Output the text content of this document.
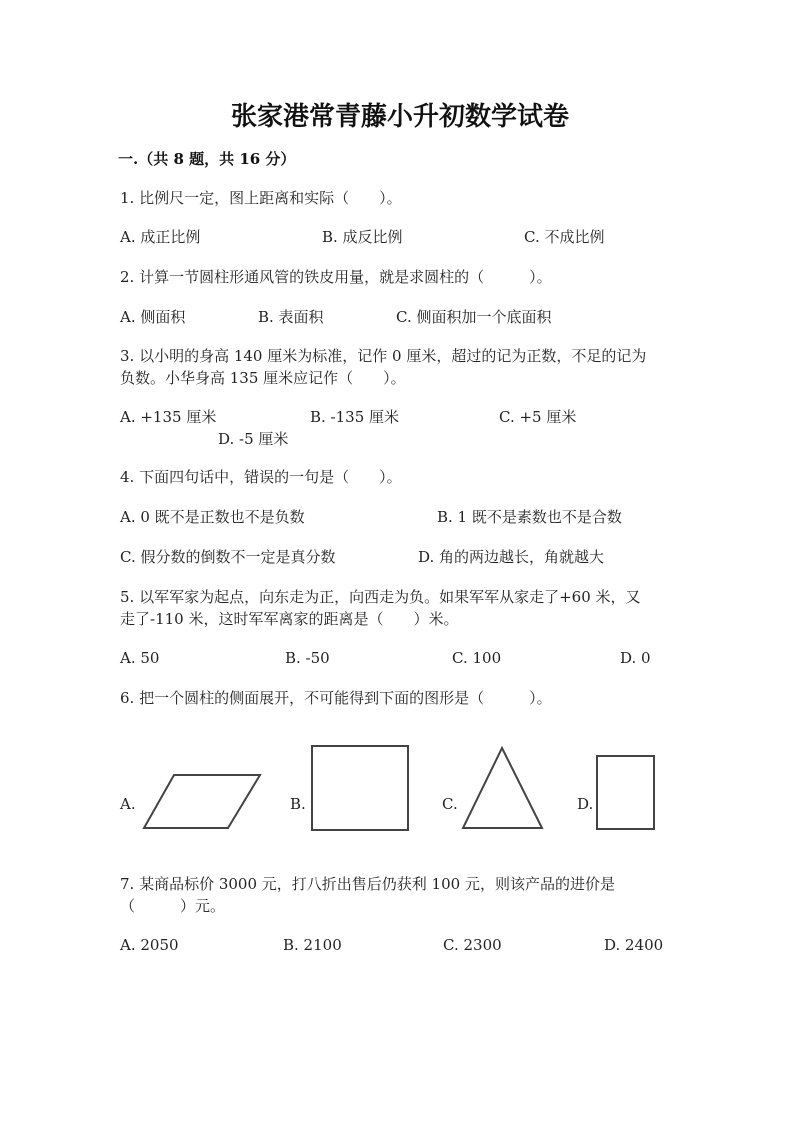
张家港常青藤小升初数学试卷
一.（共 8 题，共 16 分）
1. 比例尺一定，图上距离和实际（　　）。
A. 成正比例	B. 成反比例	C. 不成比例
2. 计算一节圆柱形通风管的铁皮用量，就是求圆柱的（　　　）。
A. 侧面积	B. 表面积	C. 侧面积加一个底面积
3. 以小明的身高 140 厘米为标准，记作 0 厘米，超过的记为正数，不足的记为
负数。小华身高 135 厘米应记作（　　）。
A. +135 厘米	B. -135 厘米	C. +5 厘米
D. -5 厘米
4. 下面四句话中，错误的一句是（　　）。
A. 0 既不是正数也不是负数	B. 1 既不是素数也不是合数
C. 假分数的倒数不一定是真分数	D. 角的两边越长，角就越大
5. 以军军家为起点，向东走为正，向西走为负。如果军军从家走了+60 米，又
走了-110 米，这时军军离家的距离是（　　）米。
A. 50	B. -50	C. 100	D. 0
6. 把一个圆柱的侧面展开，不可能得到下面的图形是（　　　）。
A.	B.	C.	D.
7. 某商品标价 3000 元，打八折出售后仍获利 100 元，则该产品的进价是
（　　　）元。
A. 2050	B. 2100	C. 2300	D. 2400
